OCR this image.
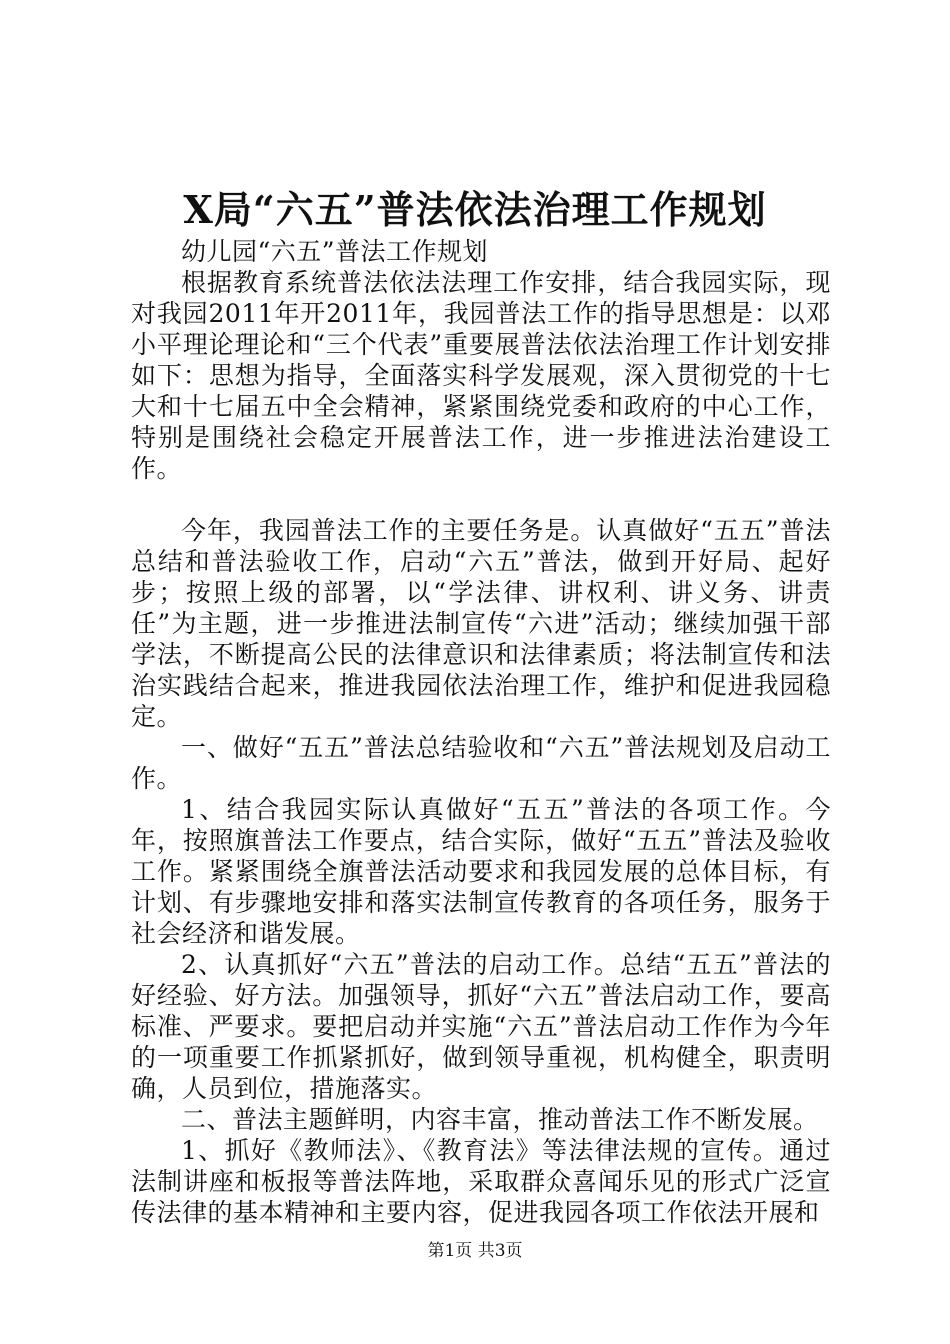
X局“六五”普法依法治理工作规划

幼儿园“六五”普法工作规划

根据教育系统普法依法法理工作安排，结合我园实际，现对我园2011年开2011年，我园普法工作的指导思想是：以邓小平理论理论和“三个代表”重要展普法依法治理工作计划安排如下：思想为指导，全面落实科学发展观，深入贯彻党的十七大和十七届五中全会精神，紧紧围绕党委和政府的中心工作，特别是围绕社会稳定开展普法工作，进一步推进法治建设工作。

今年，我园普法工作的主要任务是。认真做好“五五”普法总结和普法验收工作，启动“六五”普法，做到开好局、起好步；按照上级的部署，以“学法律、讲权利、讲义务、讲责任”为主题，进一步推进法制宣传“六进”活动；继续加强干部学法，不断提高公民的法律意识和法律素质；将法制宣传和法治实践结合起来，推进我园依法治理工作，维护和促进我园稳定。

一、做好“五五”普法总结验收和“六五”普法规划及启动工作。

1、结合我园实际认真做好“五五”普法的各项工作。今年，按照旗普法工作要点，结合实际，做好“五五”普法及验收工作。紧紧围绕全旗普法活动要求和我园发展的总体目标，有计划、有步骤地安排和落实法制宣传教育的各项任务，服务于社会经济和谐发展。

2、认真抓好“六五”普法的启动工作。总结“五五”普法的好经验、好方法。加强领导，抓好“六五”普法启动工作，要高标准、严要求。要把启动并实施“六五”普法启动工作作为今年的一项重要工作抓紧抓好，做到领导重视，机构健全，职责明确，人员到位，措施落实。

二、普法主题鲜明，内容丰富，推动普法工作不断发展。

1、抓好《教师法》、《教育法》等法律法规的宣传。通过法制讲座和板报等普法阵地，采取群众喜闻乐见的形式广泛宣传法律的基本精神和主要内容，促进我园各项工作依法开展和

第1页 共3页
